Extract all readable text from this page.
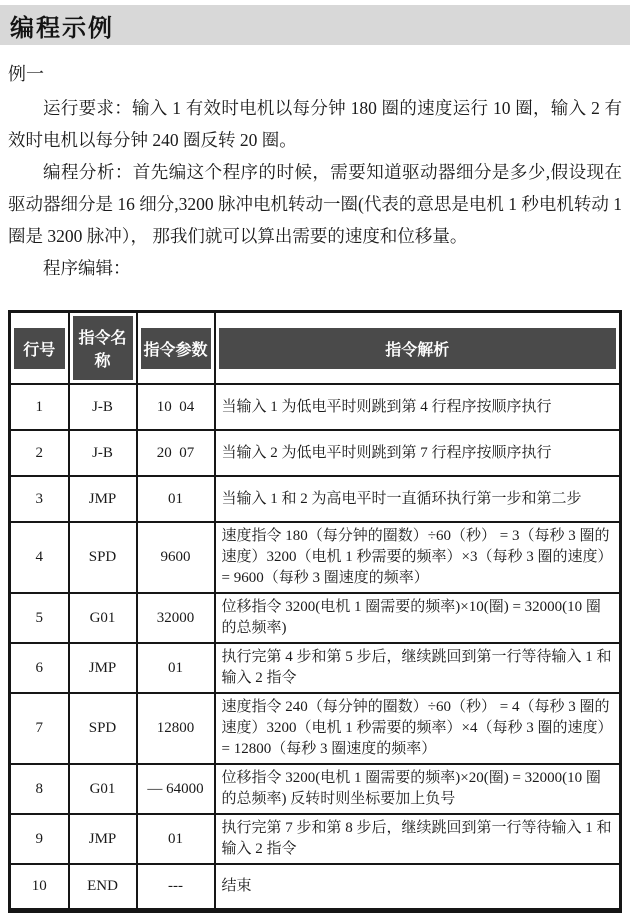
编程示例
例一

运行要求：输入 1 有效时电机以每分钟 180 圈的速度运行 10 圈，输入 2 有效时电机以每分钟 240 圈反转 20 圈。

编程分析：首先编这个程序的时候，需要知道驱动器细分是多少,假设现在驱动器细分是 16 细分,3200 脉冲电机转动一圈(代表的意思是电机 1 秒电机转动 1 圈是 3200 脉冲）， 那我们就可以算出需要的速度和位移量。

程序编辑：

行号	指令名称	指令参数	指令解析

1	J-B	10  04	当输入 1 为低电平时则跳到第 4 行程序按顺序执行
2	J-B	20  07	当输入 2 为低电平时则跳到第 7 行程序按顺序执行
3	JMP	01	当输入 1 和 2 为高电平时一直循环执行第一步和第二步
4	SPD	9600	速度指令 180（每分钟的圈数）÷60（秒） = 3（每秒 3 圈的速度）3200（电机 1 秒需要的频率）×3（每秒 3 圈的速度） = 9600（每秒 3 圈速度的频率）
5	G01	32000	位移指令 3200(电机 1 圈需要的频率)×10(圈) = 32000(10 圈的总频率)
6	JMP	01	执行完第 4 步和第 5 步后，继续跳回到第一行等待输入 1 和输入 2 指令
7	SPD	12800	速度指令 240（每分钟的圈数）÷60（秒） = 4（每秒 3 圈的速度）3200（电机 1 秒需要的频率）×4（每秒 3 圈的速度） = 12800（每秒 3 圈速度的频率）
8	G01	— 64000	位移指令 3200(电机 1 圈需要的频率)×20(圈) = 32000(10 圈的总频率) 反转时则坐标要加上负号
9	JMP	01	执行完第 7 步和第 8 步后，继续跳回到第一行等待输入 1 和输入 2 指令
10	END	---	结束
